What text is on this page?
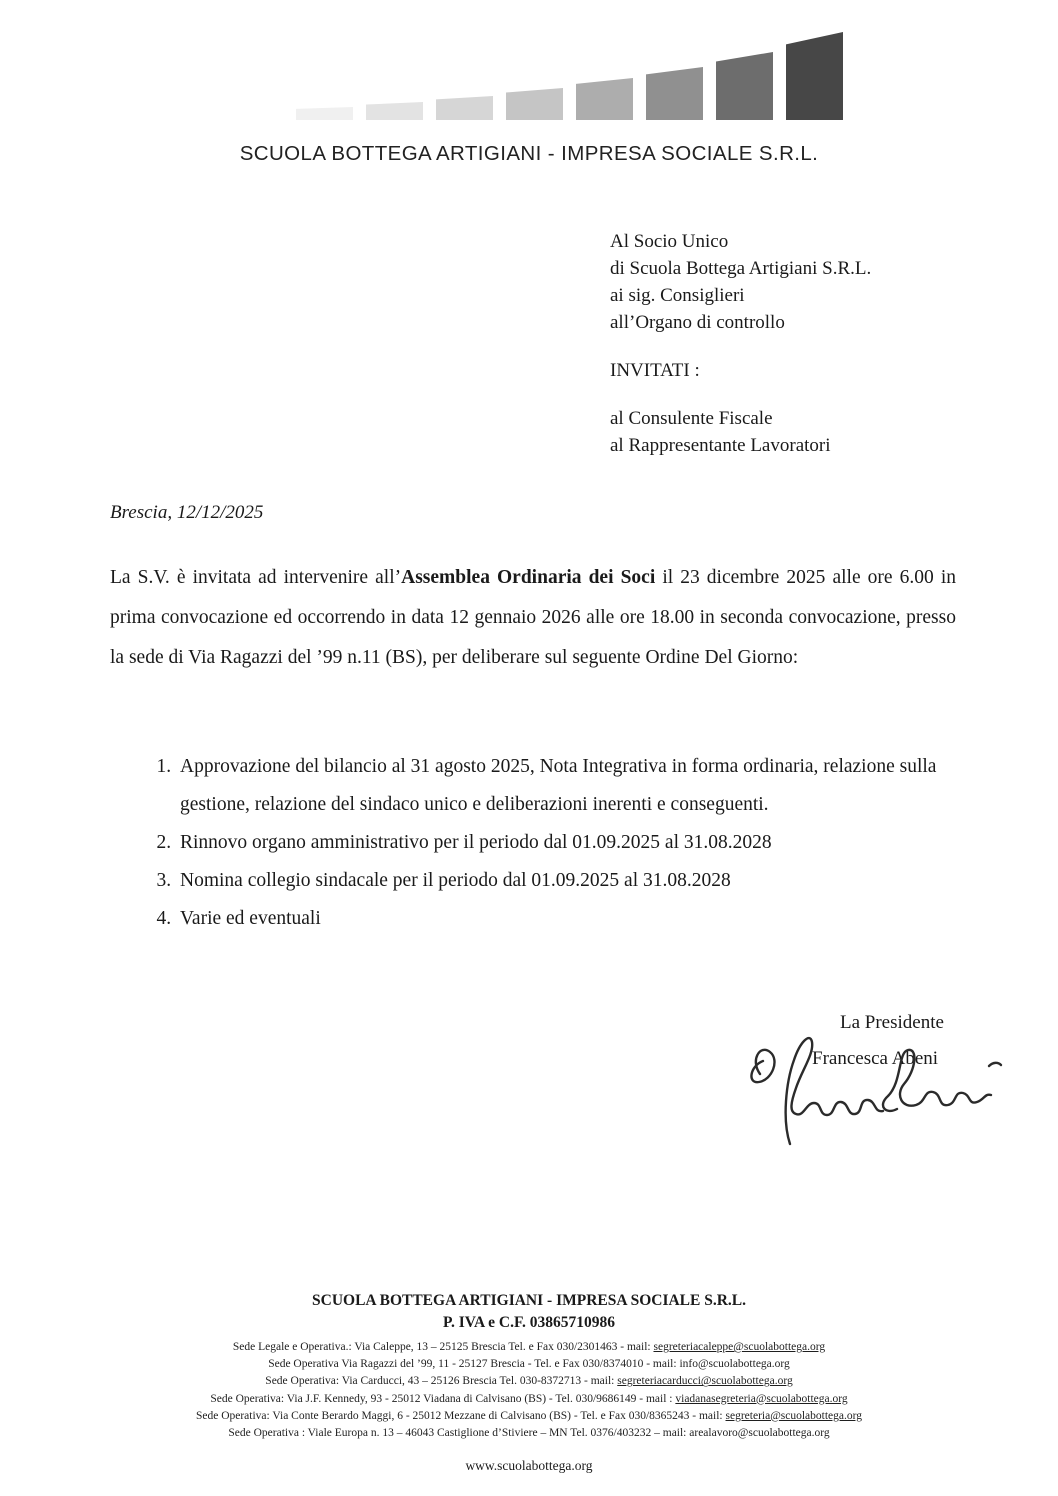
SCUOLA BOTTEGA ARTIGIANI - IMPRESA SOCIALE S.R.L.
Al Socio Unico
di Scuola Bottega Artigiani S.R.L.
ai sig. Consiglieri
all’Organo di controllo
INVITATI :
al Consulente Fiscale
al Rappresentante Lavoratori
Brescia, 12/12/2025

La S.V. è invitata ad intervenire all’Assemblea Ordinaria dei Soci il 23 dicembre 2025 alle ore 6.00 in prima convocazione ed occorrendo in data 12 gennaio 2026 alle ore 18.00 in seconda convocazione, presso la sede di Via Ragazzi del ’99 n.11 (BS), per deliberare sul seguente Ordine Del Giorno:

1. Approvazione del bilancio al 31 agosto 2025, Nota Integrativa in forma ordinaria, relazione sulla gestione, relazione del sindaco unico e deliberazioni inerenti e conseguenti.
2. Rinnovo organo amministrativo per il periodo dal 01.09.2025 al 31.08.2028
3. Nomina collegio sindacale per il periodo dal 01.09.2025 al 31.08.2028
4. Varie ed eventuali
La Presidente
Francesca Abeni
SCUOLA BOTTEGA ARTIGIANI - IMPRESA SOCIALE S.R.L.
P. IVA e C.F. 03865710986
Sede Legale e Operativa.: Via Caleppe, 13 – 25125 Brescia Tel. e Fax 030/2301463 - mail: segreteriacaleppe@scuolabottega.org
Sede Operativa Via Ragazzi del ’99, 11 - 25127 Brescia - Tel. e Fax 030/8374010 - mail: info@scuolabottega.org
Sede Operativa: Via Carducci, 43 – 25126 Brescia Tel. 030-8372713 - mail: segreteriacarducci@scuolabottega.org
Sede Operativa: Via J.F. Kennedy, 93 - 25012 Viadana di Calvisano (BS) - Tel. 030/9686149 - mail : viadanasegreteria@scuolabottega.org
Sede Operativa: Via Conte Berardo Maggi, 6 - 25012 Mezzane di Calvisano (BS) - Tel. e Fax 030/8365243 - mail: segreteria@scuolabottega.org
Sede Operativa : Viale Europa n. 13 – 46043 Castiglione d’Stiviere – MN Tel. 0376/403232 – mail: arealavoro@scuolabottega.org
www.scuolabottega.org
